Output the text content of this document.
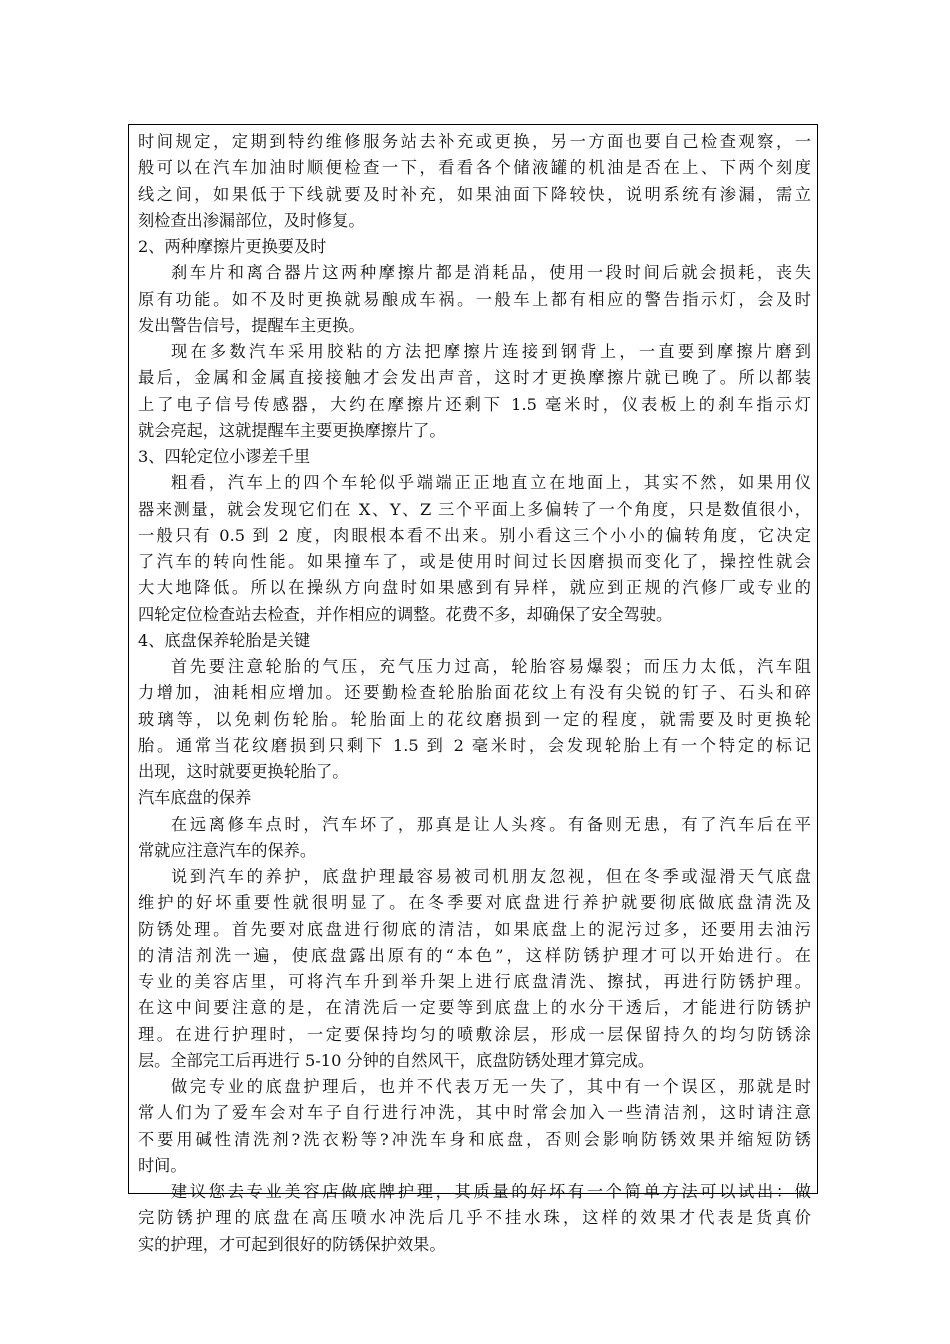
时间规定，定期到特约维修服务站去补充或更换，另一方面也要自己检查观察，一
般可以在汽车加油时顺便检查一下，看看各个储液罐的机油是否在上、下两个刻度
线之间，如果低于下线就要及时补充，如果油面下降较快，说明系统有渗漏，需立
刻检查出渗漏部位，及时修复。
2、两种摩擦片更换要及时
刹车片和离合器片这两种摩擦片都是消耗品，使用一段时间后就会损耗，丧失
原有功能。如不及时更换就易酿成车祸。一般车上都有相应的警告指示灯，会及时
发出警告信号，提醒车主更换。
现在多数汽车采用胶粘的方法把摩擦片连接到钢背上，一直要到摩擦片磨到
最后，金属和金属直接接触才会发出声音，这时才更换摩擦片就已晚了。所以都装
上了电子信号传感器，大约在摩擦片还剩下 1.5 毫米时，仪表板上的刹车指示灯
就会亮起，这就提醒车主要更换摩擦片了。
3、四轮定位小谬差千里
粗看，汽车上的四个车轮似乎端端正正地直立在地面上，其实不然，如果用仪
器来测量，就会发现它们在 X、Y、Z 三个平面上多偏转了一个角度，只是数值很小，
一般只有 0.5 到 2 度，肉眼根本看不出来。别小看这三个小小的偏转角度，它决定
了汽车的转向性能。如果撞车了，或是使用时间过长因磨损而变化了，操控性就会
大大地降低。所以在操纵方向盘时如果感到有异样，就应到正规的汽修厂或专业的
四轮定位检查站去检查，并作相应的调整。花费不多，却确保了安全驾驶。
4、底盘保养轮胎是关键
首先要注意轮胎的气压，充气压力过高，轮胎容易爆裂；而压力太低，汽车阻
力增加，油耗相应增加。还要勤检查轮胎胎面花纹上有没有尖锐的钉子、石头和碎
玻璃等，以免刺伤轮胎。轮胎面上的花纹磨损到一定的程度，就需要及时更换轮
胎。通常当花纹磨损到只剩下 1.5 到 2 毫米时，会发现轮胎上有一个特定的标记
出现，这时就要更换轮胎了。
汽车底盘的保养
在远离修车点时，汽车坏了，那真是让人头疼。有备则无患，有了汽车后在平
常就应注意汽车的保养。
说到汽车的养护，底盘护理最容易被司机朋友忽视，但在冬季或湿滑天气底盘
维护的好坏重要性就很明显了。在冬季要对底盘进行养护就要彻底做底盘清洗及
防锈处理。首先要对底盘进行彻底的清洁，如果底盘上的泥污过多，还要用去油污
的清洁剂洗一遍，使底盘露出原有的“本色”，这样防锈护理才可以开始进行。在
专业的美容店里，可将汽车升到举升架上进行底盘清洗、擦拭，再进行防锈护理。
在这中间要注意的是，在清洗后一定要等到底盘上的水分干透后，才能进行防锈护
理。在进行护理时，一定要保持均匀的喷敷涂层，形成一层保留持久的均匀防锈涂
层。全部完工后再进行 5-10 分钟的自然风干，底盘防锈处理才算完成。
做完专业的底盘护理后，也并不代表万无一失了，其中有一个误区，那就是时
常人们为了爱车会对车子自行进行冲洗，其中时常会加入一些清洁剂，这时请注意
不要用碱性清洗剂?洗衣粉等?冲洗车身和底盘，否则会影响防锈效果并缩短防锈
时间。
建议您去专业美容店做底牌护理，其质量的好坏有一个简单方法可以试出：做
完防锈护理的底盘在高压喷水冲洗后几乎不挂水珠，这样的效果才代表是货真价
实的护理，才可起到很好的防锈保护效果。
